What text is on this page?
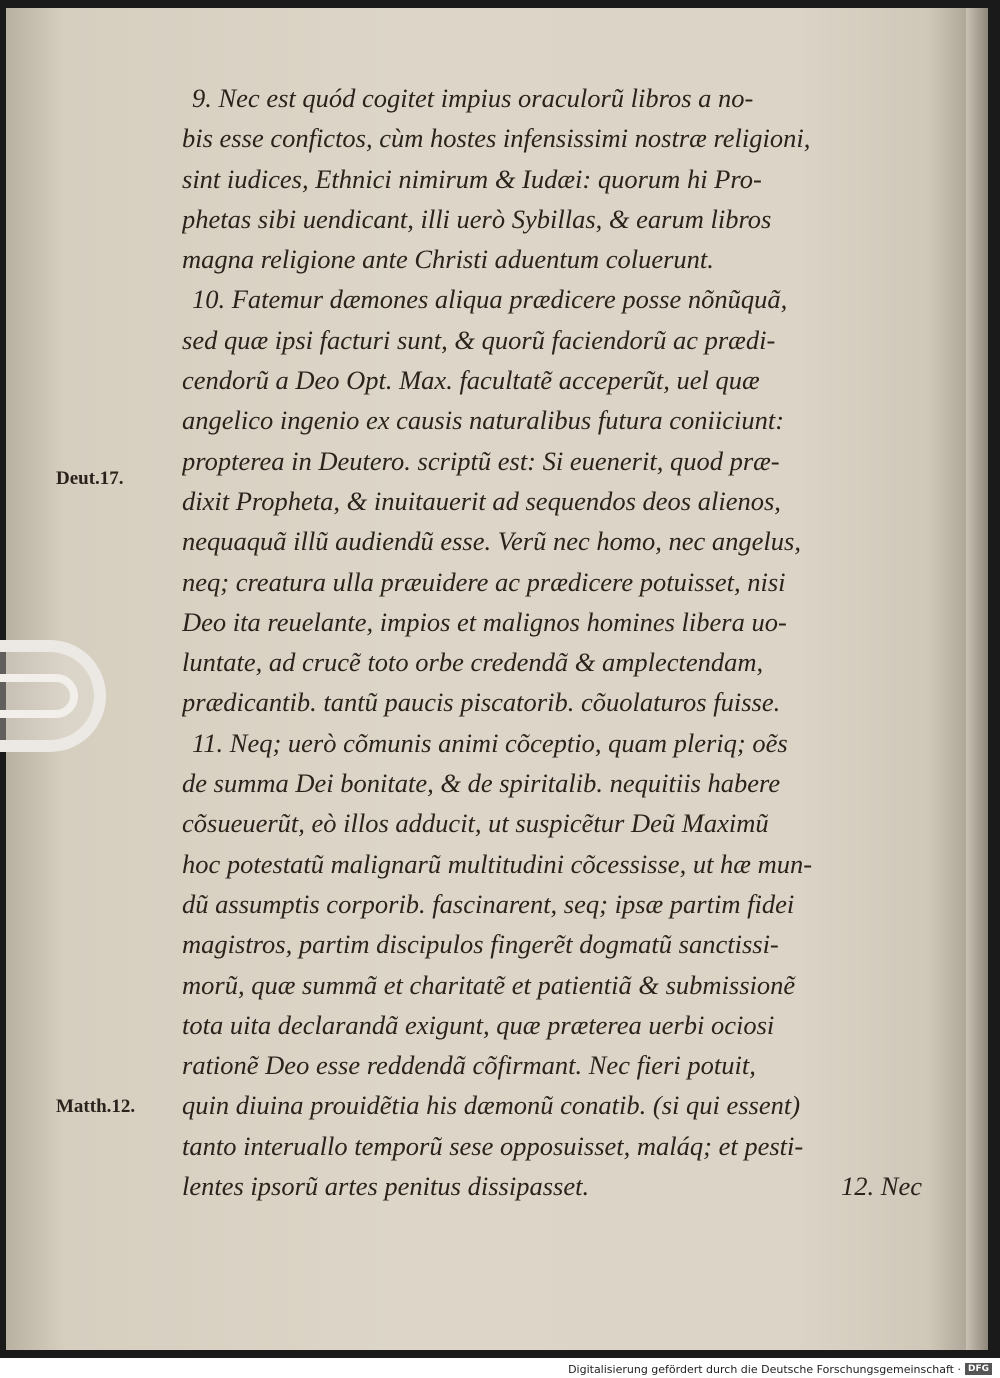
Deut.17.
Matth.12.
9. Nec est quód cogitet impius oraculorũ libros a no-
bis esse confictos, cùm hostes infensissimi nostræ religioni,
sint iudices, Ethnici nimirum & Iudæi: quorum hi Pro-
phetas sibi uendicant, illi uerò Sybillas, & earum libros
magna religione ante Christi aduentum coluerunt.
10. Fatemur dæmones aliqua prædicere posse nõnũquã,
sed quæ ipsi facturi sunt, & quorũ faciendorũ ac prædi-
cendorũ a Deo Opt. Max. facultatẽ acceperũt, uel quæ
angelico ingenio ex causis naturalibus futura coniiciunt:
propterea in Deutero. scriptũ est: Si euenerit, quod præ-
dixit Propheta, & inuitauerit ad sequendos deos alienos,
nequaquã illũ audiendũ esse. Verũ nec homo, nec angelus,
neq; creatura ulla præuidere ac prædicere potuisset, nisi
Deo ita reuelante, impios et malignos homines libera uo-
luntate, ad crucẽ toto orbe credendã & amplectendam,
prædicantib. tantũ paucis piscatorib. cõuolaturos fuisse.
11. Neq; uerò cõmunis animi cõceptio, quam pleriq; oẽs
de summa Dei bonitate, & de spiritalib. nequitiis habere
cõsueuerũt, eò illos adducit, ut suspicẽtur Deũ Maximũ
hoc potestatũ malignarũ multitudini cõcessisse, ut hæ mun-
dũ assumptis corporib. fascinarent, seq; ipsæ partim fidei
magistros, partim discipulos fingerẽt dogmatũ sanctissi-
morũ, quæ summã et charitatẽ et patientiã & submissionẽ
tota uita declarandã exigunt, quæ præterea uerbi ociosi
rationẽ Deo esse reddendã cõfirmant. Nec fieri potuit,
quin diuina prouidẽtia his dæmonũ conatib. (si qui essent)
tanto interuallo temporũ sese opposuisset, maláq; et pesti-
lentes ipsorũ artes penitus dissipasset.	12. Nec
Digitalisierung gefördert durch die Deutsche Forschungsgemeinschaft · DFG
